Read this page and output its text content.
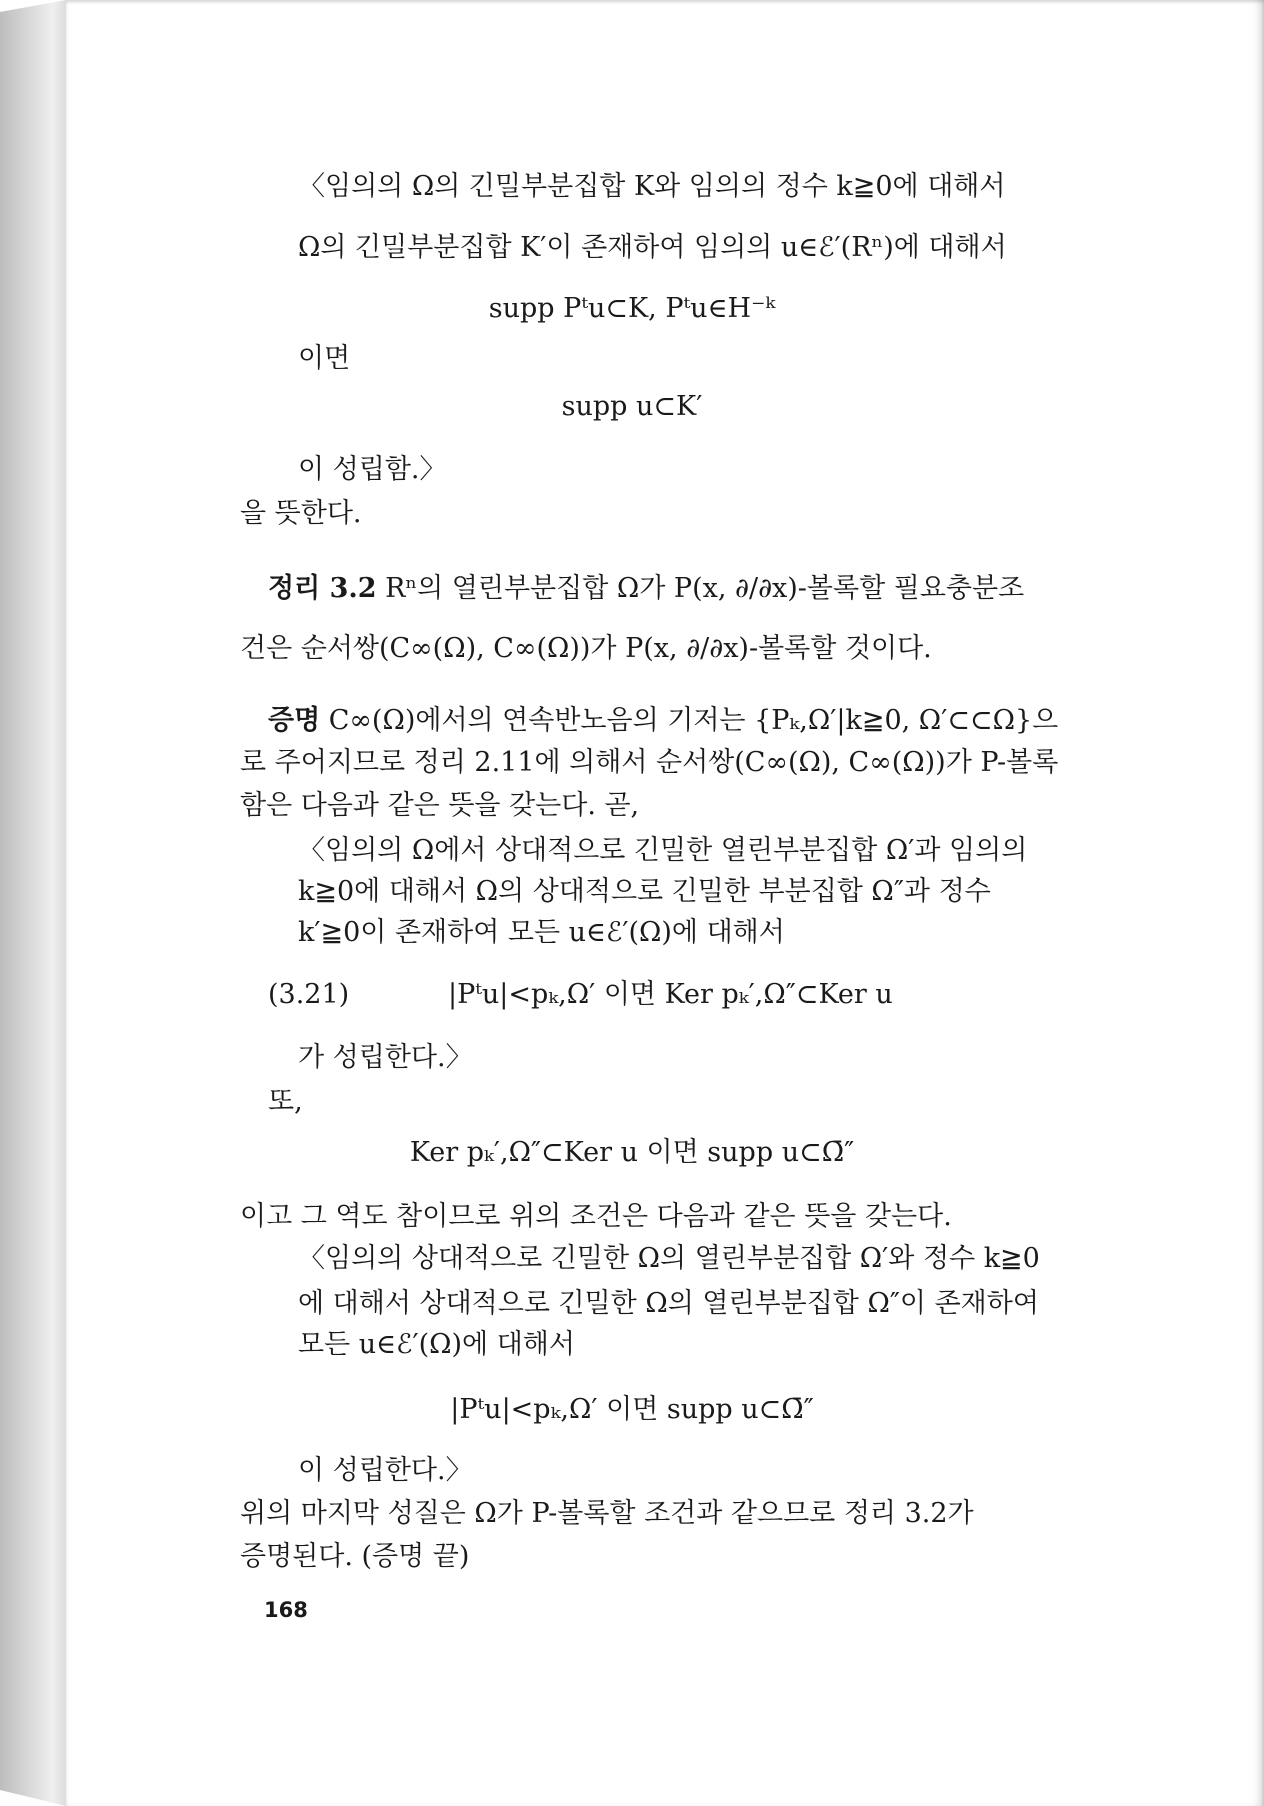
〈임의의 Ω의 긴밀부분집합 K와 임의의 정수 k≧0에 대해서
Ω의 긴밀부분집합 K′이 존재하여 임의의 u∈ℰ′(Rⁿ)에 대해서
supp Pᵗu⊂K, Pᵗu∈H⁻ᵏ
이면
supp u⊂K′
이 성립함.〉
을 뜻한다.
정리 3.2 Rⁿ의 열린부분집합 Ω가 P(x, ∂/∂x)-볼록할 필요충분조
건은 순서쌍(C∞(Ω), C∞(Ω))가 P(x, ∂/∂x)-볼록할 것이다.
증명 C∞(Ω)에서의 연속반노음의 기저는 {Pₖ,Ω′|k≧0, Ω′⊂⊂Ω}으
로 주어지므로 정리 2.11에 의해서 순서쌍(C∞(Ω), C∞(Ω))가 P-볼록
함은 다음과 같은 뜻을 갖는다. 곧,
〈임의의 Ω에서 상대적으로 긴밀한 열린부분집합 Ω′과 임의의
k≧0에 대해서 Ω의 상대적으로 긴밀한 부분집합 Ω″과 정수
k′≧0이 존재하여 모든 u∈ℰ′(Ω)에 대해서
(3.21)	|Pᵗu|<pₖ,Ω′ 이면 Ker pₖ′,Ω″⊂Ker u
가 성립한다.〉
또,
Ker pₖ′,Ω″⊂Ker u 이면 supp u⊂Ω̄″
이고 그 역도 참이므로 위의 조건은 다음과 같은 뜻을 갖는다.
〈임의의 상대적으로 긴밀한 Ω의 열린부분집합 Ω′와 정수 k≧0
에 대해서 상대적으로 긴밀한 Ω의 열린부분집합 Ω″이 존재하여
모든 u∈ℰ′(Ω)에 대해서
|Pᵗu|<pₖ,Ω′ 이면 supp u⊂Ω̄″
이 성립한다.〉
위의 마지막 성질은 Ω가 P-볼록할 조건과 같으므로 정리 3.2가
증명된다. (증명 끝)
168
